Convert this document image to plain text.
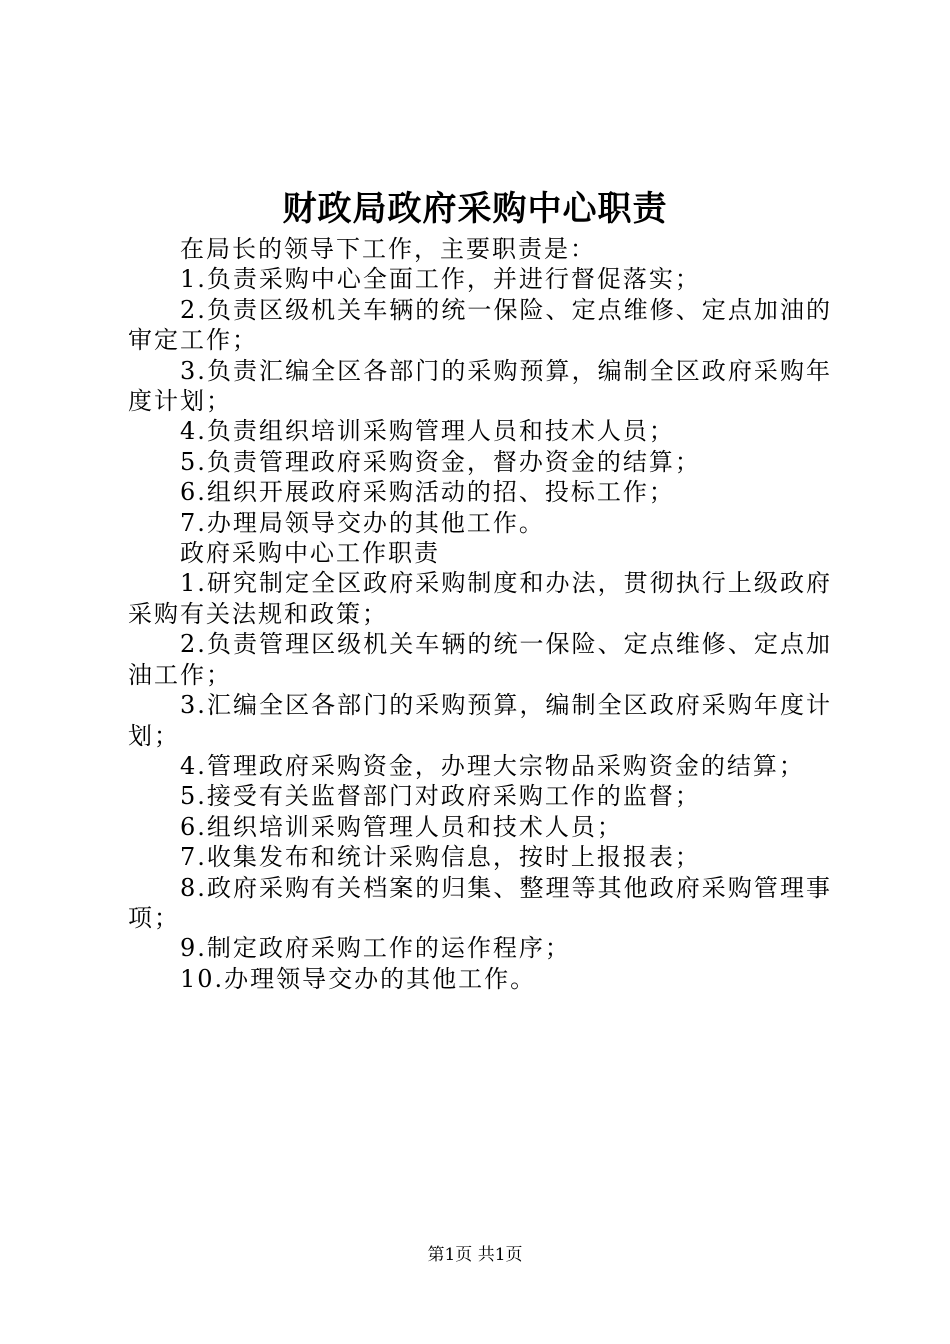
财政局政府采购中心职责

在局长的领导下工作，主要职责是：

1.负责采购中心全面工作，并进行督促落实；

2.负责区级机关车辆的统一保险、定点维修、定点加油的审定工作；

3.负责汇编全区各部门的采购预算，编制全区政府采购年度计划；

4.负责组织培训采购管理人员和技术人员；

5.负责管理政府采购资金，督办资金的结算；

6.组织开展政府采购活动的招、投标工作；

7.办理局领导交办的其他工作。

政府采购中心工作职责

1.研究制定全区政府采购制度和办法，贯彻执行上级政府采购有关法规和政策；

2.负责管理区级机关车辆的统一保险、定点维修、定点加油工作；

3.汇编全区各部门的采购预算，编制全区政府采购年度计划；

4.管理政府采购资金，办理大宗物品采购资金的结算；

5.接受有关监督部门对政府采购工作的监督；

6.组织培训采购管理人员和技术人员；

7.收集发布和统计采购信息，按时上报报表；

8.政府采购有关档案的归集、整理等其他政府采购管理事项；

9.制定政府采购工作的运作程序；

10.办理领导交办的其他工作。

第1页 共1页
